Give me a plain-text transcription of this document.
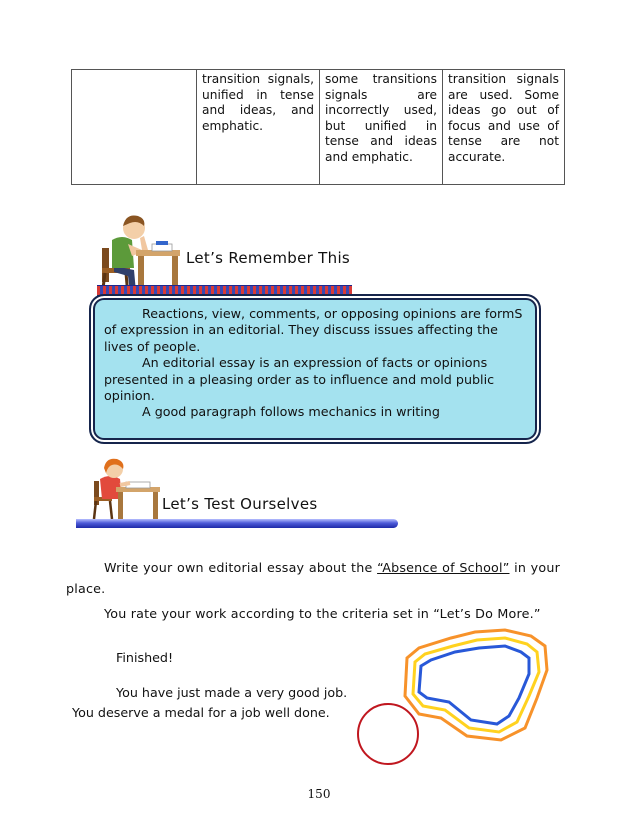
	transition signals, unified in tense and ideas, and emphatic.	some transitions signals are incorrectly used, but unified in tense and ideas and emphatic.	transition signals are used. Some ideas go out of focus and use of tense are not accurate.
Let’s Remember This

Reactions, view, comments, or opposing opinions are formS of expression in an editorial. They discuss issues affecting the lives of people.

An editorial essay is an expression of facts or opinions presented in a pleasing order as to influence and mold public opinion.

A good paragraph follows mechanics in writing

Let’s Test Ourselves

Write your own editorial essay about the “Absence of School” in your place.

You rate your work according to the criteria set in “Let’s Do More.”

Finished!
You have just made a very good job.
You deserve a medal for a job well done.
150
